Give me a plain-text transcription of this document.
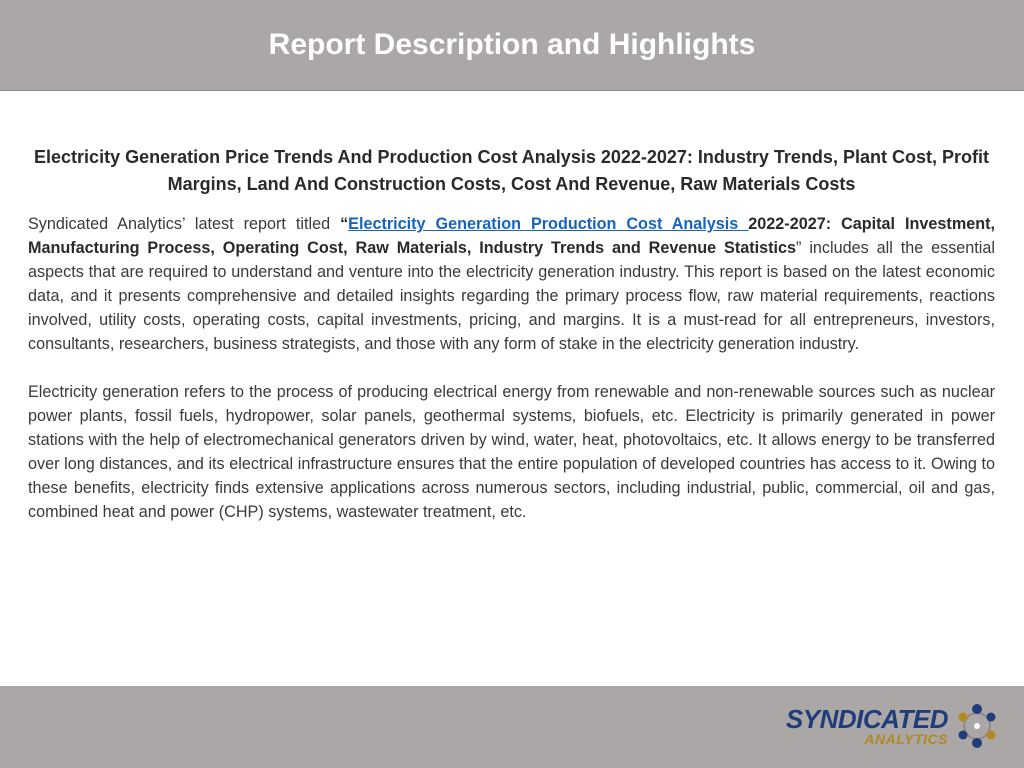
Report Description and Highlights

Electricity Generation Price Trends And Production Cost Analysis 2022-2027: Industry Trends, Plant Cost, Profit Margins, Land And Construction Costs, Cost And Revenue, Raw Materials Costs

Syndicated Analytics’ latest report titled “Electricity Generation Production Cost Analysis 2022-2027: Capital Investment, Manufacturing Process, Operating Cost, Raw Materials, Industry Trends and Revenue Statistics” includes all the essential aspects that are required to understand and venture into the electricity generation industry. This report is based on the latest economic data, and it presents comprehensive and detailed insights regarding the primary process flow, raw material requirements, reactions involved, utility costs, operating costs, capital investments, pricing, and margins. It is a must-read for all entrepreneurs, investors, consultants, researchers, business strategists, and those with any form of stake in the electricity generation industry.

Electricity generation refers to the process of producing electrical energy from renewable and non-renewable sources such as nuclear power plants, fossil fuels, hydropower, solar panels, geothermal systems, biofuels, etc. Electricity is primarily generated in power stations with the help of electromechanical generators driven by wind, water, heat, photovoltaics, etc. It allows energy to be transferred over long distances, and its electrical infrastructure ensures that the entire population of developed countries has access to it. Owing to these benefits, electricity finds extensive applications across numerous sectors, including industrial, public, commercial, oil and gas, combined heat and power (CHP) systems, wastewater treatment, etc.

SYNDICATED
ANALYTICS
